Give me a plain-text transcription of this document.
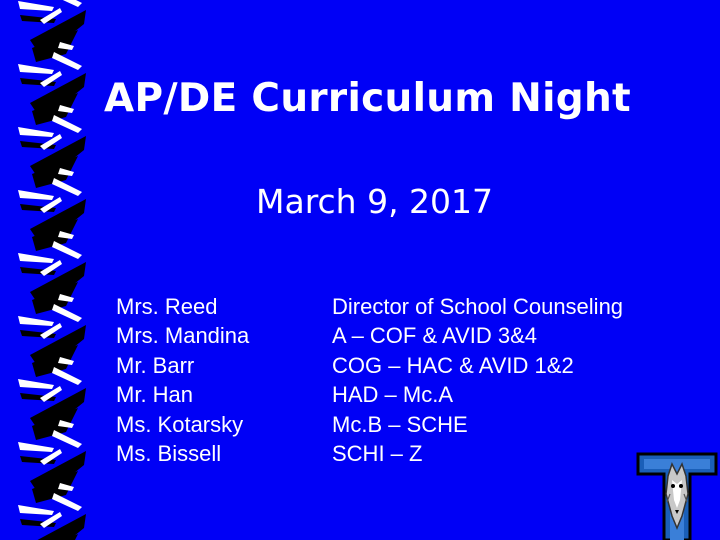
AP/DE Curriculum Night
March 9, 2017
Mrs. Reed
Mrs. Mandina
Mr. Barr
Mr. Han
Ms. Kotarsky
Ms. Bissell
Director of School Counseling
A – COF & AVID 3&4
COG – HAC & AVID 1&2
HAD – Mc.A
Mc.B – SCHE
SCHI – Z
